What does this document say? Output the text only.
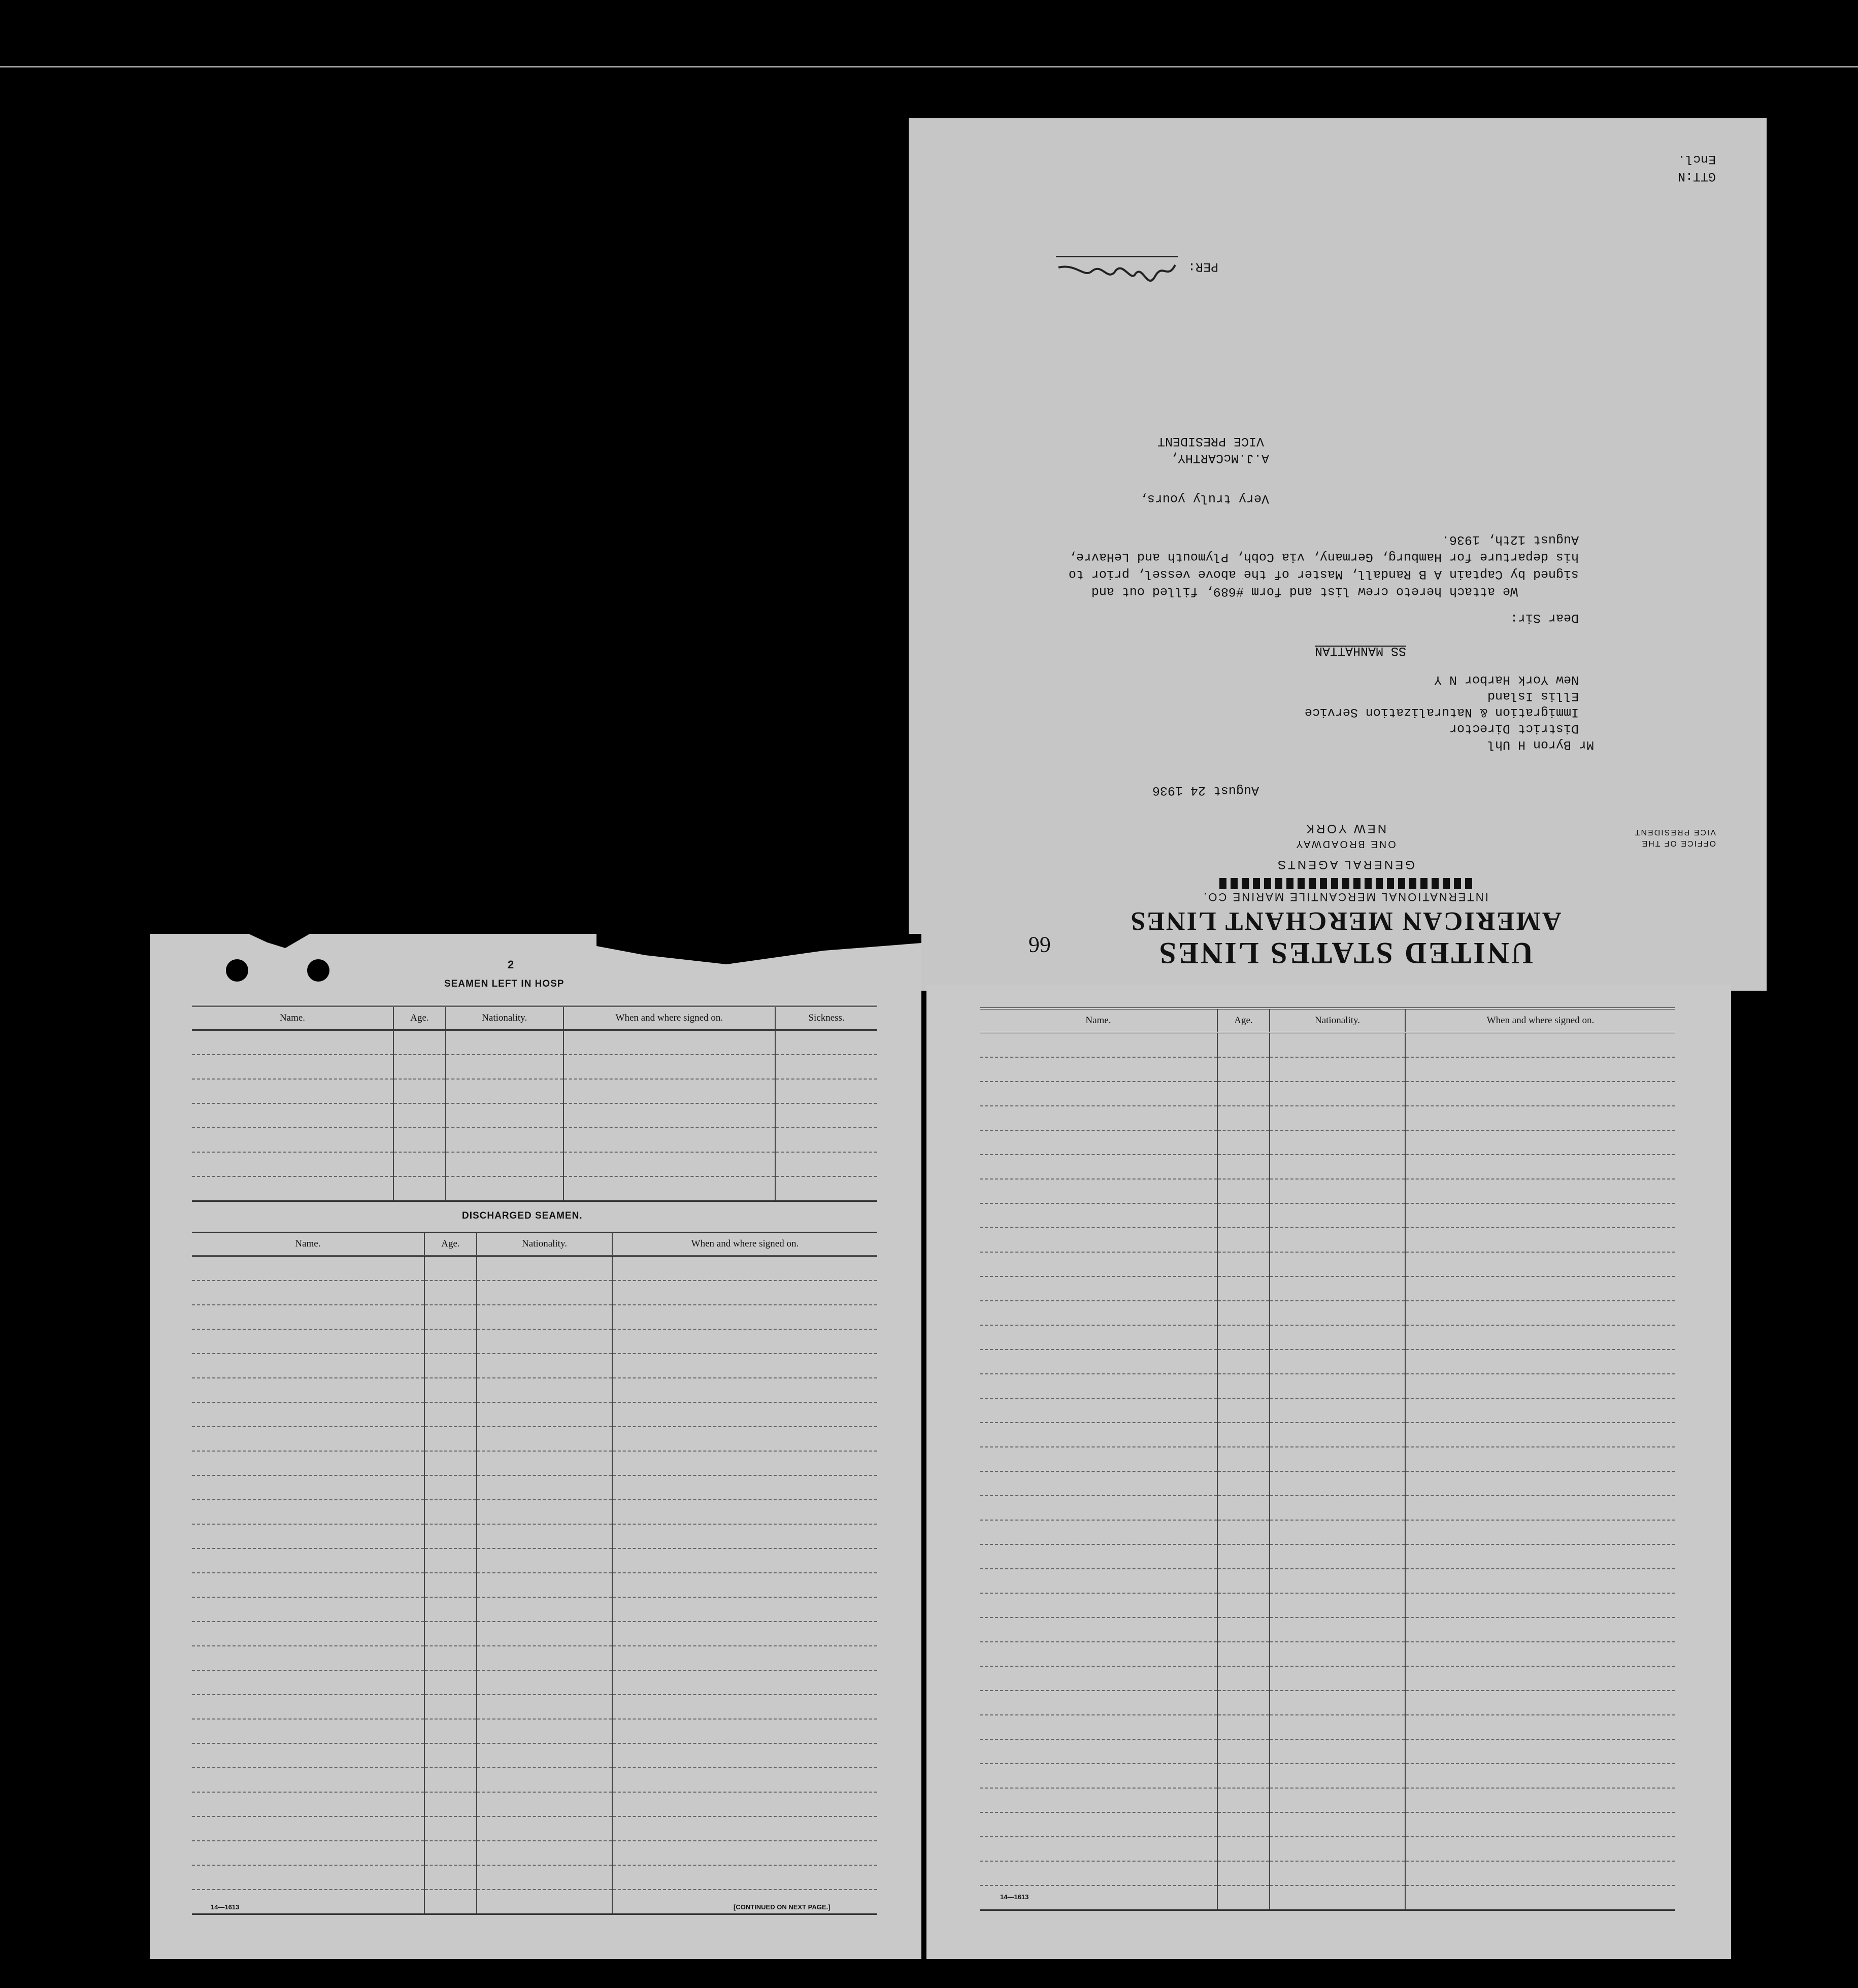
UNITED STATES LINES
AMERICAN MERCHANT LINES
INTERNATIONAL MERCANTILE MARINE CO.
GENERAL AGENTS
ONE BROADWAY
NEW YORK
OFFICE OF THE
VICE PRESIDENT
66
August 24 1936
Mr Byron H Uhl
District Director
Immigration & Naturalization Service
Ellis Island
New York Harbor N Y
SS MANHATTAN
Dear Sir:
We attach hereto crew list and form #689, filled out and
signed by Captain A B Randall, Master of the above vessel, prior to
his departure for Hamburg, Germany, via Cobh, Plymouth and LeHavre,
August 12th, 1936.
Very truly yours,
A.J.McCARTHY,
VICE PRESIDENT
PER:
GTT:N
Encl.
2
SEAMEN LEFT IN HOSP
Name.	Age.	Nationality.	When and where signed on.	Sickness.

DISCHARGED SEAMEN.
Name.	Age.	Nationality.	When and where signed on.

14—1613	[CONTINUED ON NEXT PAGE.]
Name.	Age.	Nationality.	When and where signed on.

14—1613
